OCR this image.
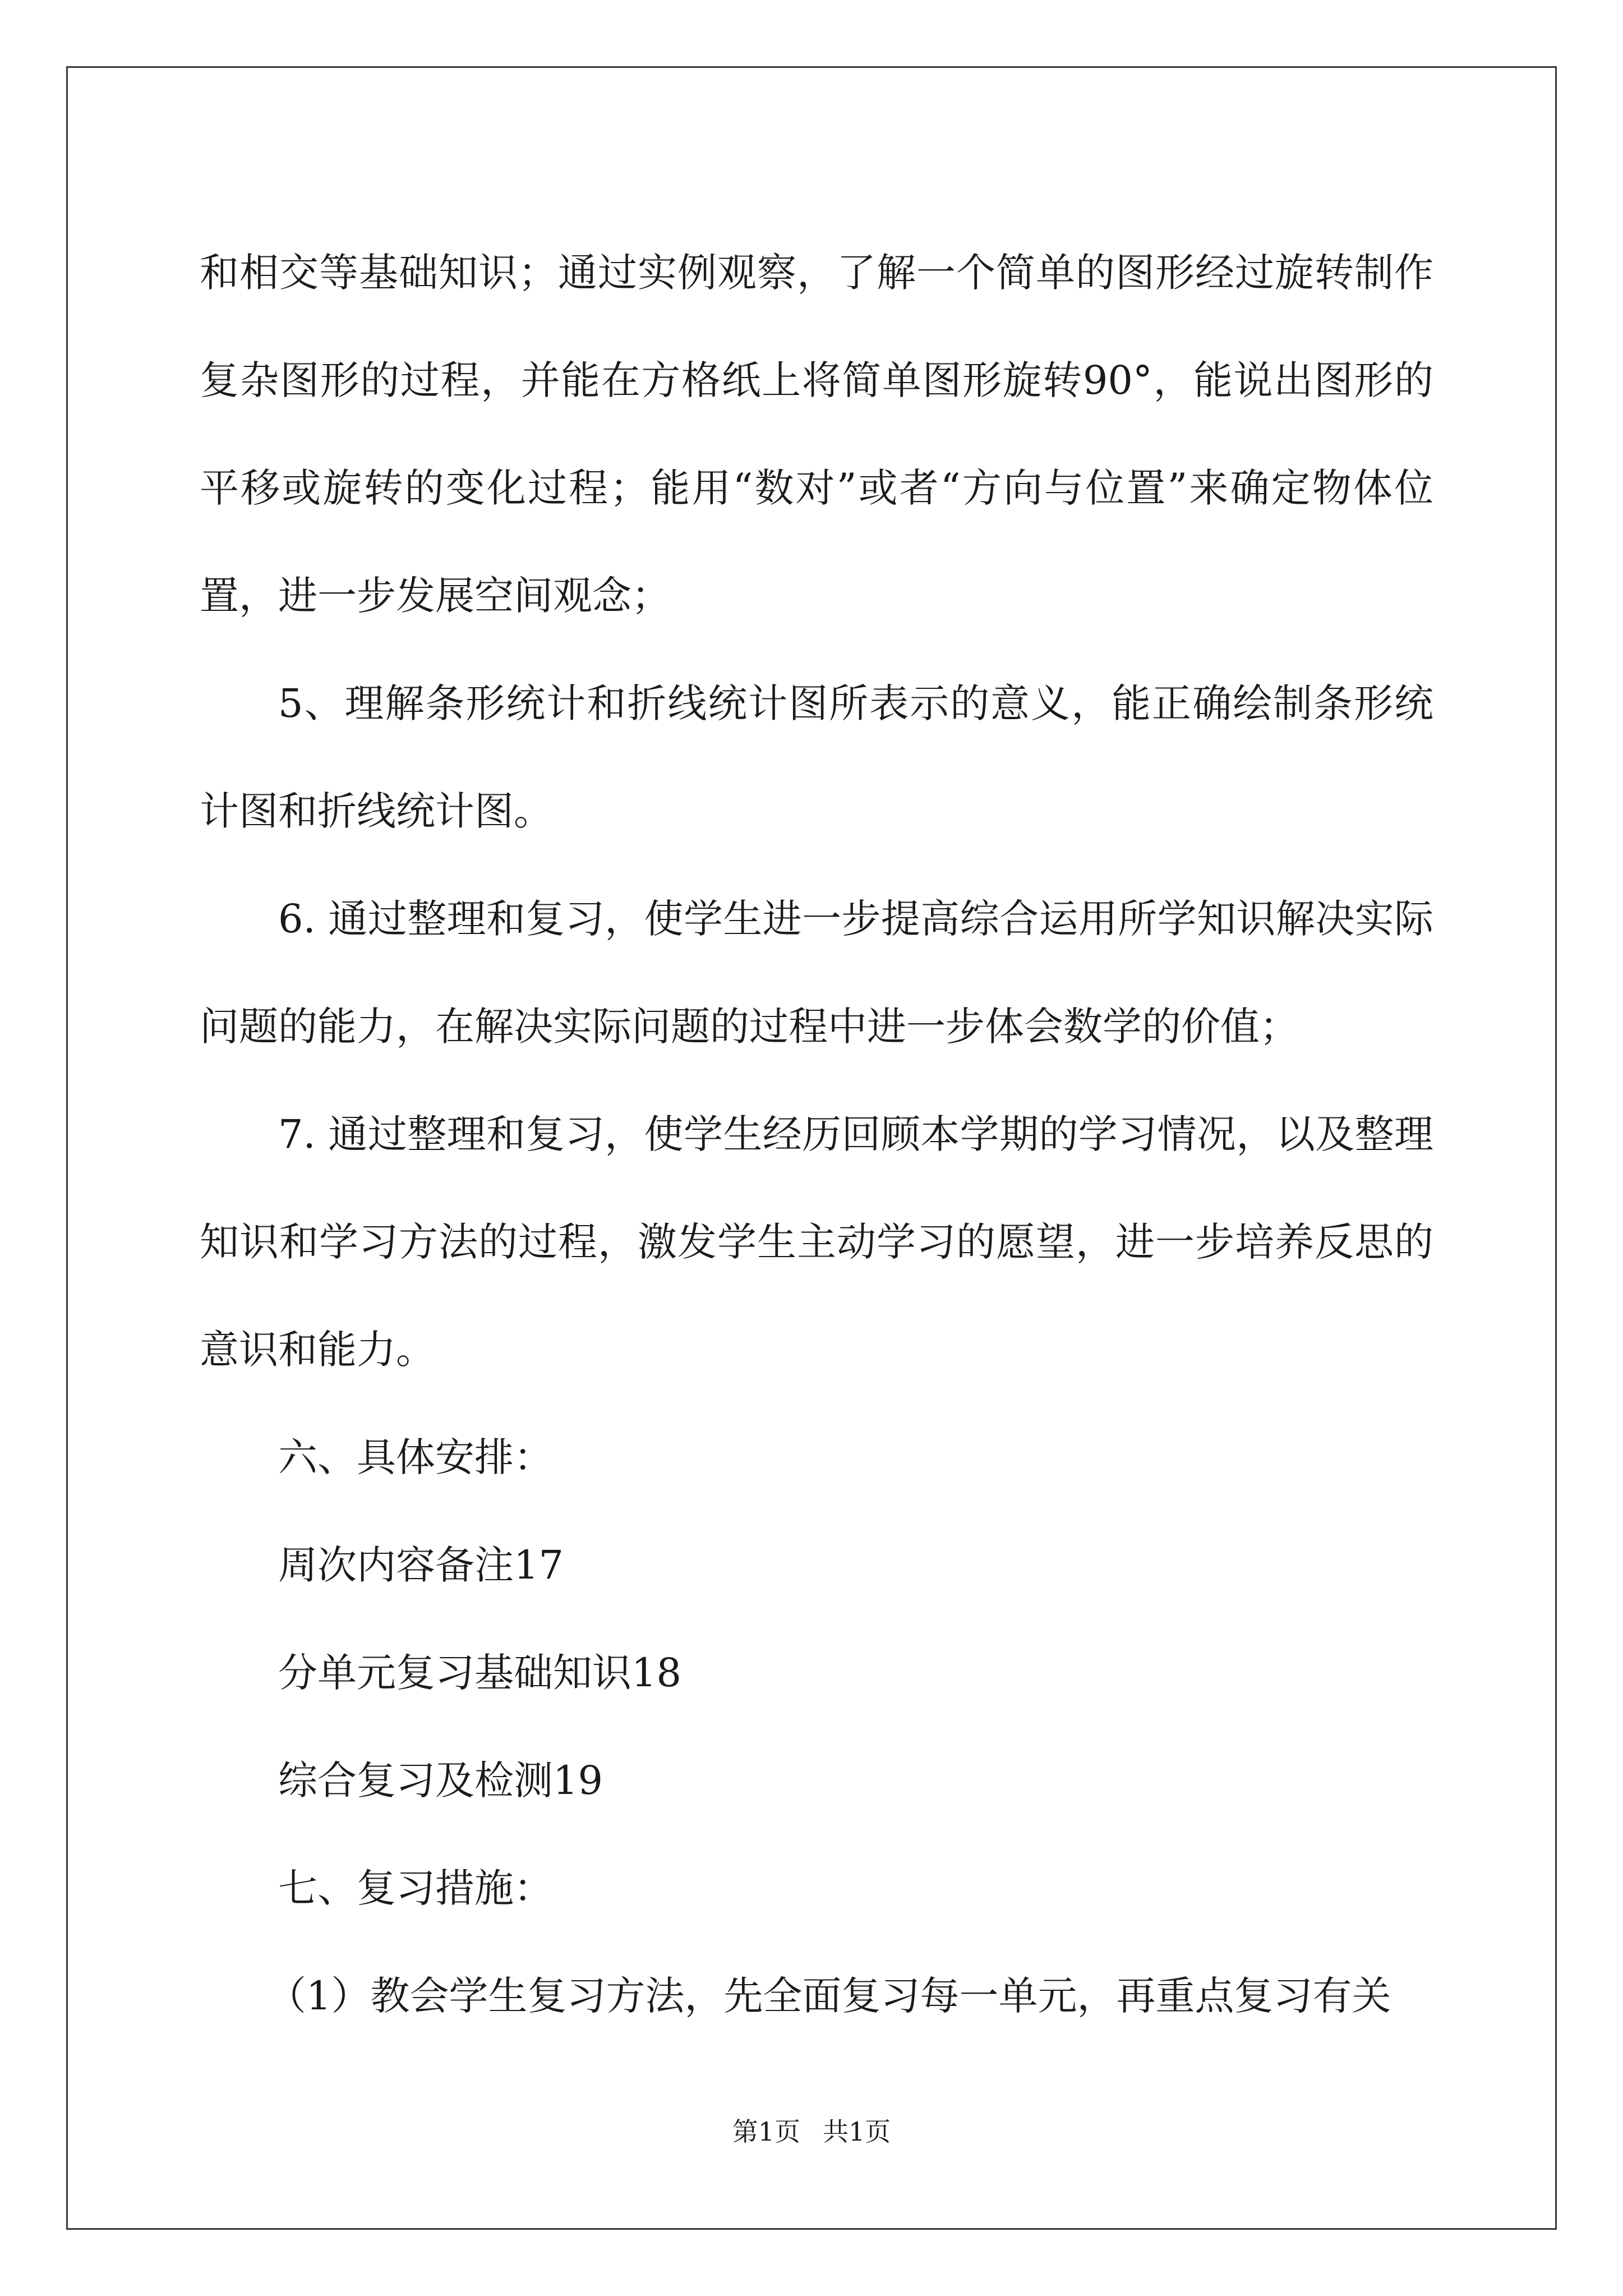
和相交等基础知识；通过实例观察，了解一个简单的图形经过旋转制作复杂图形的过程，并能在方格纸上将简单图形旋转90°，能说出图形的平移或旋转的变化过程；能用“数对”或者“方向与位置”来确定物体位置，进一步发展空间观念；

5、理解条形统计和折线统计图所表示的意义，能正确绘制条形统计图和折线统计图。

6. 通过整理和复习，使学生进一步提高综合运用所学知识解决实际问题的能力，在解决实际问题的过程中进一步体会数学的价值；

7. 通过整理和复习，使学生经历回顾本学期的学习情况，以及整理知识和学习方法的过程，激发学生主动学习的愿望，进一步培养反思的意识和能力。

六、具体安排：

周次内容备注17

分单元复习基础知识18

综合复习及检测19

七、复习措施：

（1）教会学生复习方法，先全面复习每一单元，再重点复习有关

第1页 共1页
